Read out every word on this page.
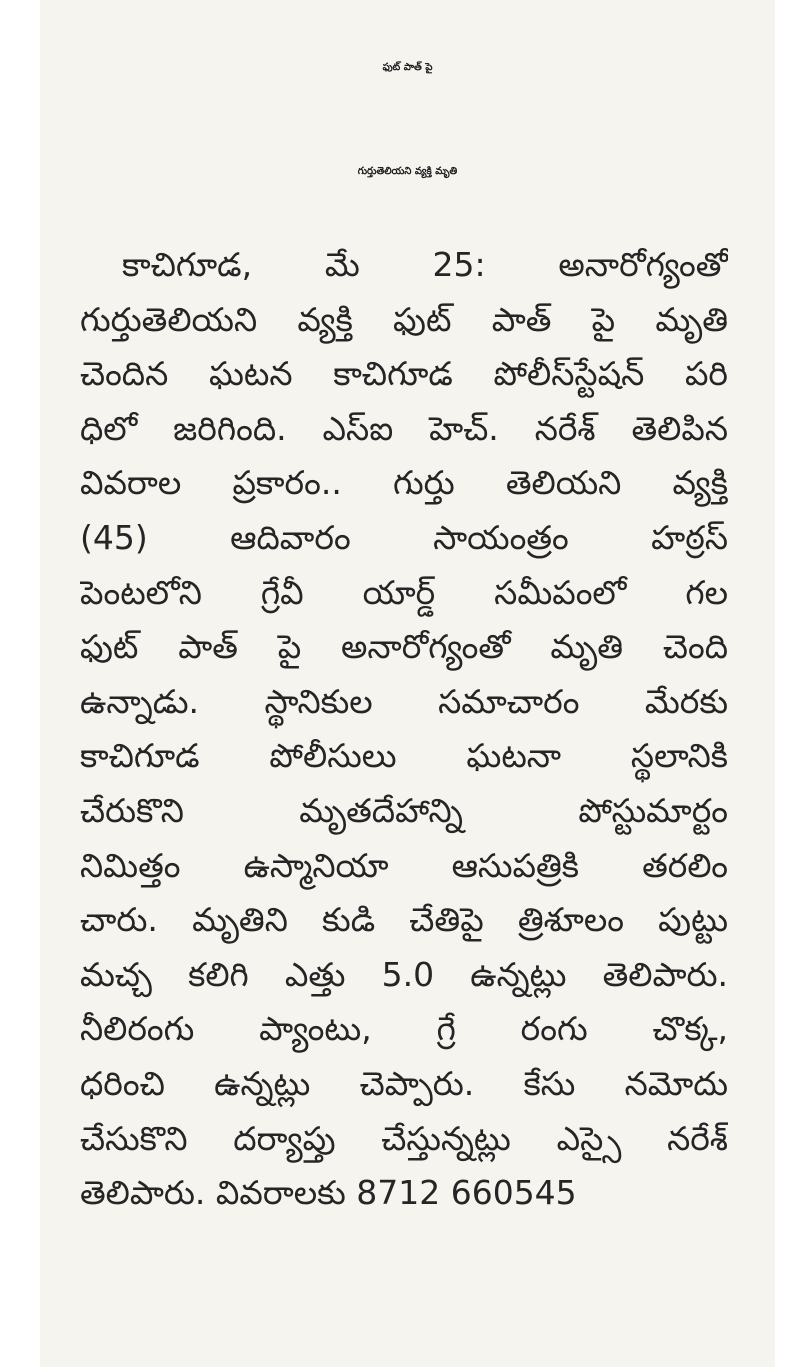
ఫుట్ పాత్ పై
గుర్తుతెలియని వ్యక్తి మృతి
కాచిగూడ, మే 25: అనారోగ్యంతో
గుర్తుతెలియని వ్యక్తి ఫుట్ పాత్ పై మృతి
చెందిన ఘటన కాచిగూడ పోలీస్‌స్టేషన్ పరి
ధిలో జరిగింది. ఎస్ఐ హెచ్. నరేశ్ తెలిపిన
వివరాల ప్రకారం.. గుర్తు తెలియని వ్యక్తి
(45) ఆదివారం సాయంత్రం హఠ్రస్
పెంటలోని గ్రేవీ యార్డ్ సమీపంలో గల
ఫుట్ పాత్ పై అనారోగ్యంతో మృతి చెంది
ఉన్నాడు. స్థానికుల సమాచారం మేరకు
కాచిగూడ పోలీసులు ఘటనా స్థలానికి
చేరుకొని మృతదేహాన్ని పోస్టుమార్టం
నిమిత్తం ఉస్మానియా ఆసుపత్రికి తరలిం
చారు. మృతిని కుడి చేతిపై త్రిశూలం పుట్టు
మచ్చ కలిగి ఎత్తు 5.0 ఉన్నట్లు తెలిపారు.
నీలిరంగు ప్యాంటు, గ్రే రంగు చొక్క,
ధరించి ఉన్నట్లు చెప్పారు. కేసు నమోదు
చేసుకొని దర్యాప్తు చేస్తున్నట్లు ఎస్సై నరేశ్
తెలిపారు. వివరాలకు 8712 660545
